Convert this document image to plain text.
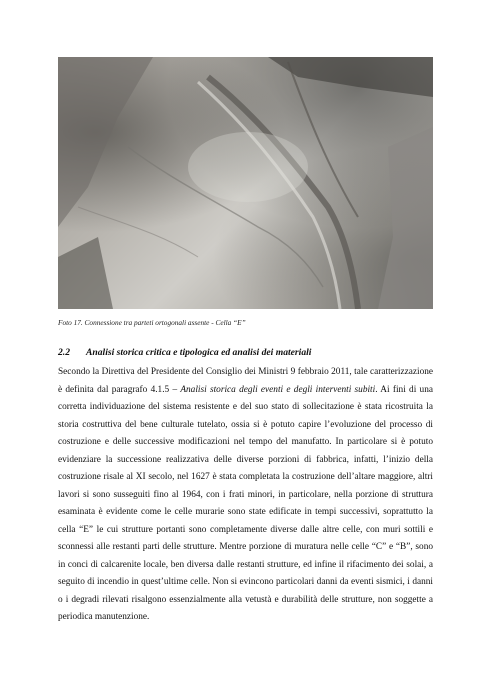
Foto 17. Connessione tra parteti ortogonali assente - Cella “E”
2.2 Analisi storica critica e tipologica ed analisi dei materiali
Secondo la Direttiva del Presidente del Consiglio dei Ministri 9 febbraio 2011, tale caratterizzazione è definita dal paragrafo 4.1.5 – Analisi storica degli eventi e degli interventi subiti. Ai fini di una corretta individuazione del sistema resistente e del suo stato di sollecitazione è stata ricostruita la storia costruttiva del bene culturale tutelato, ossia si è potuto capire l’evoluzione del processo di costruzione e delle successive modificazioni nel tempo del manufatto. In particolare si è potuto evidenziare la successione realizzativa delle diverse porzioni di fabbrica, infatti, l’inizio della costruzione risale al XI secolo, nel 1627 è stata completata la costruzione dell’altare maggiore, altri lavori si sono susseguiti fino al 1964, con i frati minori, in particolare, nella porzione di struttura esaminata è evidente come le celle murarie sono state edificate in tempi successivi, soprattutto la cella “E” le cui strutture portanti sono completamente diverse dalle altre celle, con muri sottili e sconnessi alle restanti parti delle strutture. Mentre porzione di muratura nelle celle “C” e “B”, sono in conci di calcarenite locale, ben diversa dalle restanti strutture, ed infine il rifacimento dei solai, a seguito di incendio in quest’ultime celle. Non si evincono particolari danni da eventi sismici, i danni o i degradi rilevati risalgono essenzialmente alla vetustà e durabilità delle strutture, non soggette a periodica manutenzione.
